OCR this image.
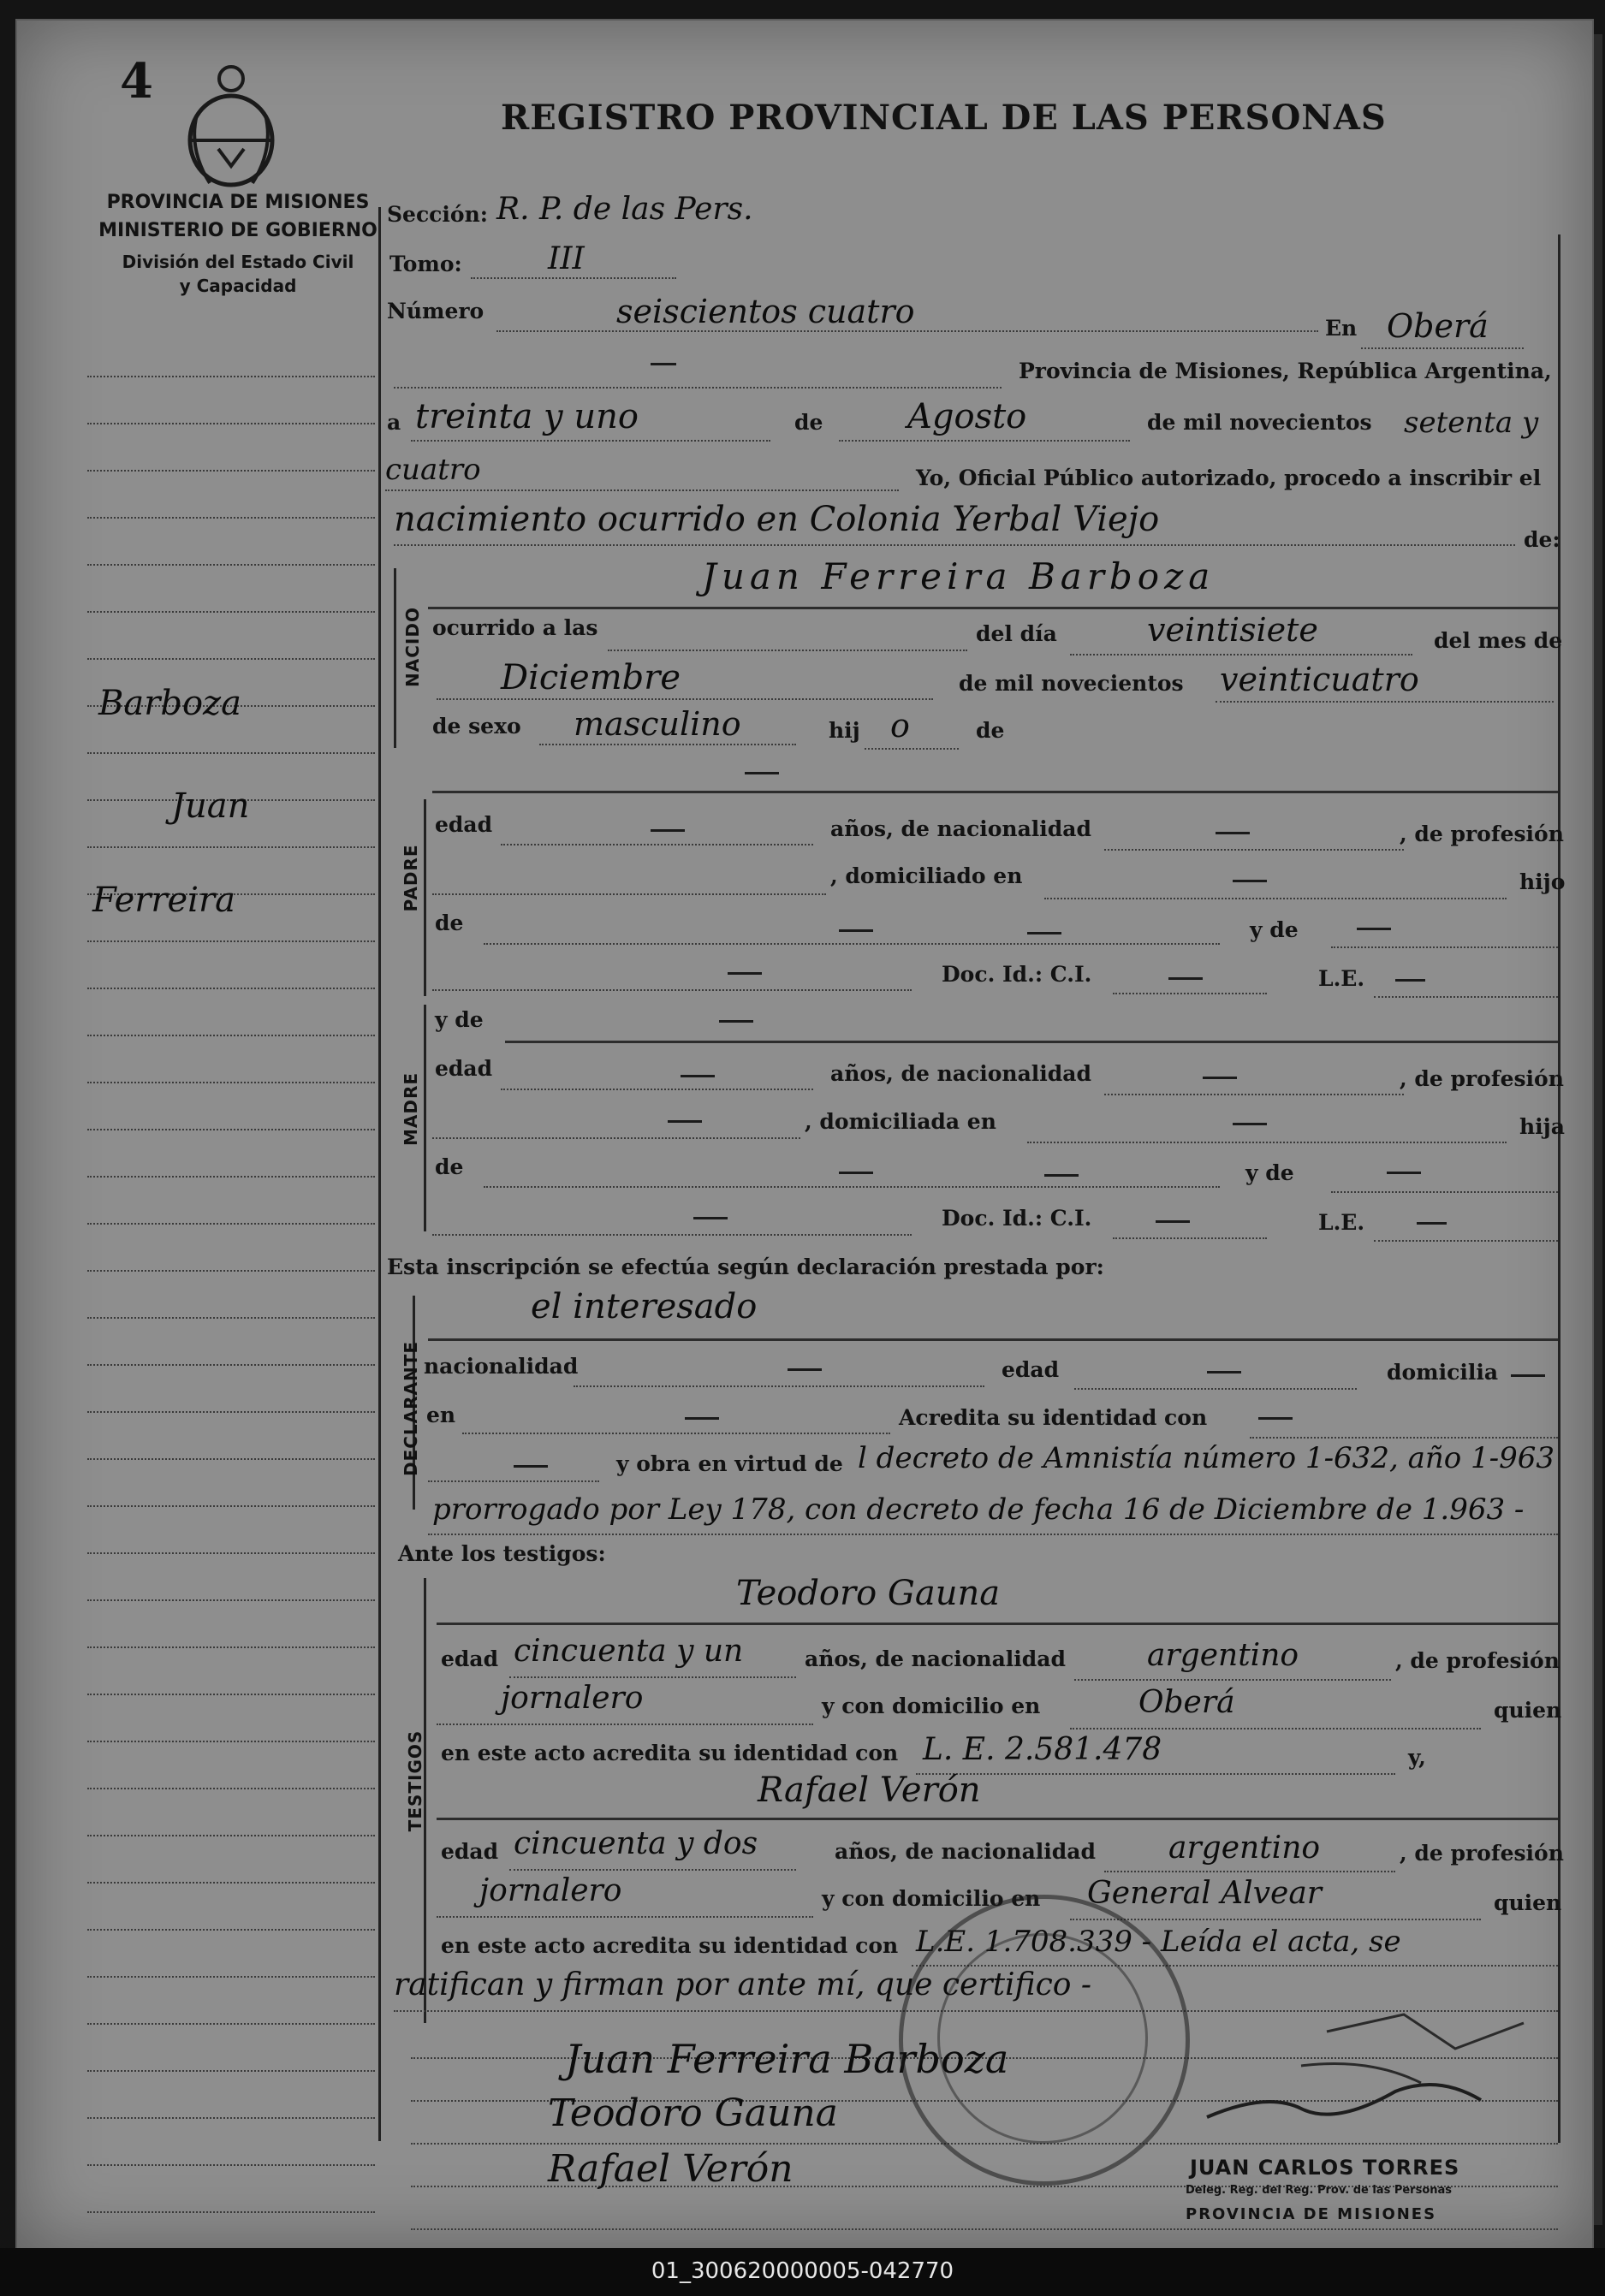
4
REGISTRO PROVINCIAL DE LAS PERSONAS
PROVINCIA DE MISIONES
MINISTERIO DE GOBIERNO
División del Estado Civil
y Capacidad
Barboza
Juan
Ferreira
Sección: R. P. de las Pers.
Tomo:	III
Número	seiscientos cuatro	En Oberá
Provincia de Misiones, República Argentina,
a treinta y uno	de Agosto	de mil novecientos setenta y
cuatro	Yo, Oficial Público autorizado, procedo a inscribir el
nacimiento ocurrido en Colonia Yerbal Viejo
de:
NACIDO
Juan Ferreira Barboza
ocurrido a las	del día	veintisiete	del mes de
Diciembre	de mil novecientos veinticuatro
de sexo masculino	hij o	de
PADRE
edad	años, de nacionalidad	, de profesión
, domiciliado en	hijo
de	y de
Doc. Id.: C.I.	L.E.
MADRE
y de
edad	años, de nacionalidad	, de profesión
, domiciliada en	hija
de	y de
Doc. Id.: C.I.	L.E.
Esta inscripción se efectúa según declaración prestada por:
DECLARANTE
el interesado
nacionalidad	edad	domicilia
en	Acredita su identidad con
y obra en virtud de l decreto de Amnistía número 1-632, año 1-963
prorrogado por Ley 178, con decreto de fecha 16 de Diciembre de 1.963 -
Ante los testigos:
TESTIGOS
Teodoro Gauna
edad cincuenta y un	años, de nacionalidad	argentino	, de profesión
jornalero	y con domicilio en	Oberá	quien
en este acto acredita su identidad con L. E. 2.581.478	y,
Rafael Verón
edad cincuenta y dos	años, de nacionalidad argentino	, de profesión
jornalero	y con domicilio en General Alvear	quien
en este acto acredita su identidad con L.E. 1.708.339 - Leída el acta, se
ratifican y firman por ante mí, que certifico -
Juan Ferreira Barboza
Teodoro Gauna
Rafael Verón	JUAN CARLOS TORRES
Deleg. Reg. del Reg. Prov. de las Personas
PROVINCIA DE MISIONES
01_300620000005-042770
